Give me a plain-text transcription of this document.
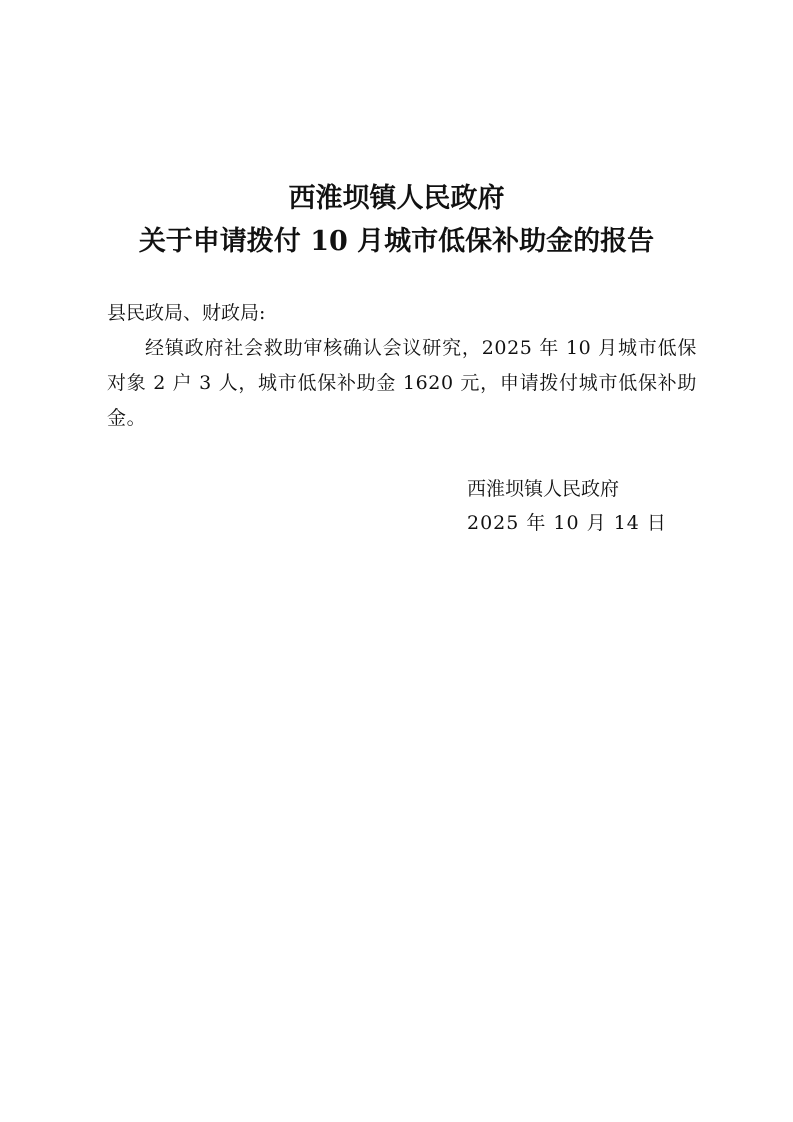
西淮坝镇人民政府
关于申请拨付 10 月城市低保补助金的报告
县民政局、财政局:
经镇政府社会救助审核确认会议研究，2025 年 10 月城市低保对象 2 户 3 人，城市低保补助金 1620 元，申请拨付城市低保补助金。
西淮坝镇人民政府
2025 年 10 月 14 日
